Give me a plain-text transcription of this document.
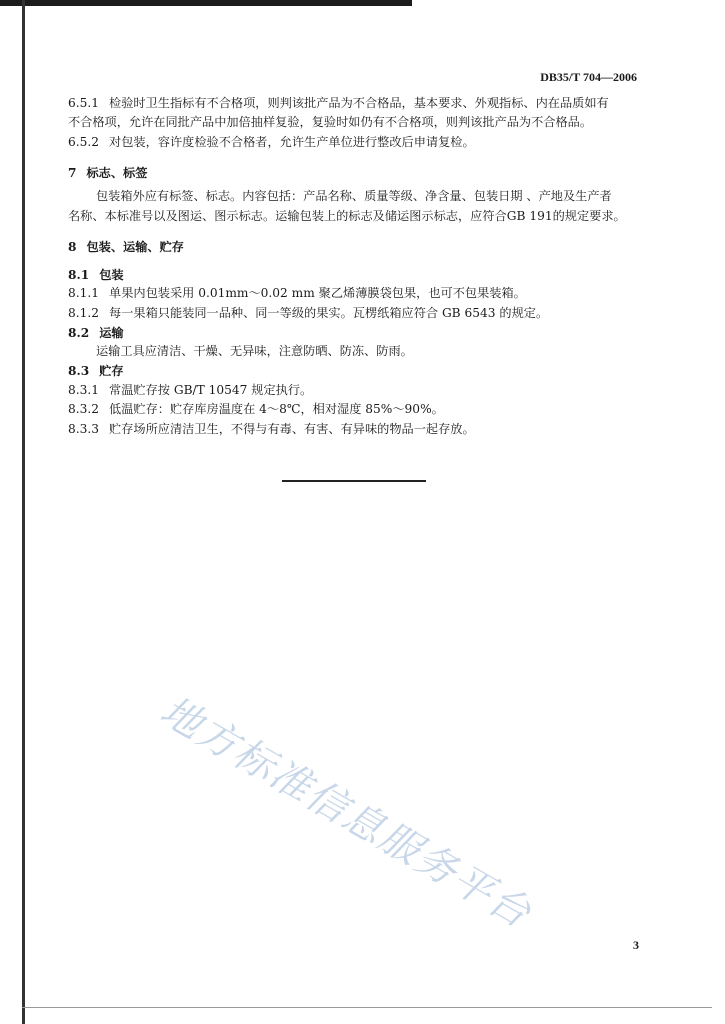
DB35/T 704—2006
6.5.1 检验时卫生指标有不合格项，则判该批产品为不合格品，基本要求、外观指标、内在品质如有
不合格项，允许在同批产品中加倍抽样复验，复验时如仍有不合格项，则判该批产品为不合格品。
6.5.2 对包装，容许度检验不合格者，允许生产单位进行整改后申请复检。
7 标志、标签
包装箱外应有标签、标志。内容包括：产品名称、质量等级、净含量、包装日期 、产地及生产者
名称、本标准号以及图运、图示标志。运输包装上的标志及储运图示标志，应符合GB 191的规定要求。
8 包装、运输、贮存
8.1 包装
8.1.1 单果内包装采用 0.01mm～0.02 mm 聚乙烯薄膜袋包果，也可不包果装箱。
8.1.2 每一果箱只能装同一品种、同一等级的果实。瓦楞纸箱应符合 GB 6543 的规定。
8.2 运输
运输工具应清洁、干燥、无异味，注意防晒、防冻、防雨。
8.3 贮存
8.3.1 常温贮存按 GB/T 10547 规定执行。
8.3.2 低温贮存：贮存库房温度在 4～8℃，相对湿度 85%～90%。
8.3.3 贮存场所应清洁卫生，不得与有毒、有害、有异味的物品一起存放。
地方标准信息服务平台
3
